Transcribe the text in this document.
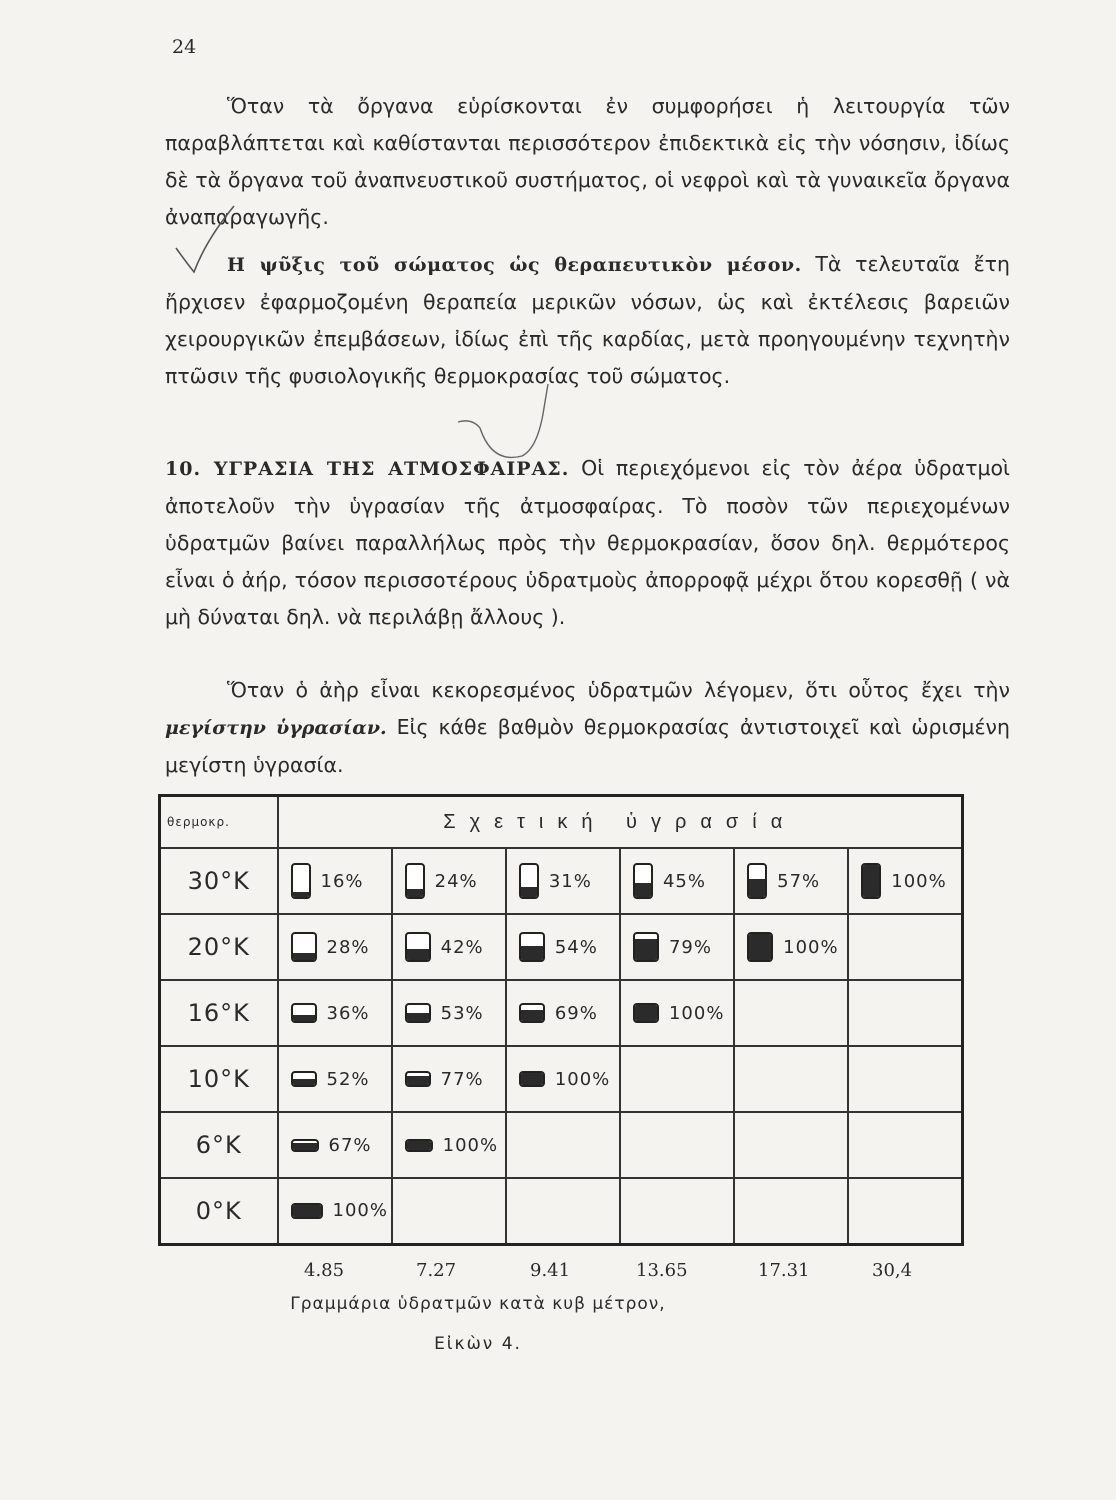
24
Ὅταν τὰ ὄργανα εὑρίσκονται ἐν συμφορήσει ἡ λειτουργία τῶν παραβλάπτεται καὶ καθίστανται περισσότερον ἐπιδεκτικὰ εἰς τὴν νόσησιν, ἰδίως δὲ τὰ ὄργανα τοῦ ἀναπνευστικοῦ συστήματος, οἱ νεφροὶ καὶ τὰ γυναικεῖα ὄργανα ἀναπαραγωγῆς.
Η ψῦξις τοῦ σώματος ὡς θεραπευτικὸν μέσον. Τὰ τελευταῖα ἔτη ἤρχισεν ἐφαρμοζομένη θεραπεία μερικῶν νόσων, ὡς καὶ ἐκτέλεσις βαρειῶν χειρουργικῶν ἐπεμβάσεων, ἰδίως ἐπὶ τῆς καρδίας, μετὰ προηγουμένην τεχνητὴν πτῶσιν τῆς φυσιολογικῆς θερμοκρασίας τοῦ σώματος.
10. ΥΓΡΑΣΙΑ ΤΗΣ ΑΤΜΟΣΦΑΙΡΑΣ. Οἱ περιεχόμενοι εἰς τὸν ἀέρα ὑδρατμοὶ ἀποτελοῦν τὴν ὑγρασίαν τῆς ἀτμοσφαίρας. Τὸ ποσὸν τῶν περιεχομένων ὑδρατμῶν βαίνει παραλλήλως πρὸς τὴν θερμοκρασίαν, ὅσον δηλ. θερμότερος εἶναι ὁ ἀήρ, τόσον περισσοτέρους ὑδρατμοὺς ἀπορροφᾷ μέχρι ὅτου κορεσθῇ ( νὰ μὴ δύναται δηλ. νὰ περιλάβῃ ἄλλους ).
Ὅταν ὁ ἀὴρ εἶναι κεκορεσμένος ὑδρατμῶν λέγομεν, ὅτι οὗτος ἔχει τὴν μεγίστην ὑγρασίαν. Εἰς κάθε βαθμὸν θερμοκρασίας ἀντιστοιχεῖ καὶ ὡρισμένη μεγίστη ὑγρασία.
θερμοκρ.	Σχετική ὑγρασία					
30°K	16%	24%	31%	45%	57%	100%

20°K	28%	42%	54%	79%	100%	

16°K	36%	53%	69%	100%		

10°K	52%	77%	100%			

6°K	67%	100%				

0°K	100%					

4.85	7.27	9.41	13.65	17.31	30,4
Γραμμάρια ὑδρατμῶν κατὰ κυβ μέτρον,
Εἰκὼν 4.
